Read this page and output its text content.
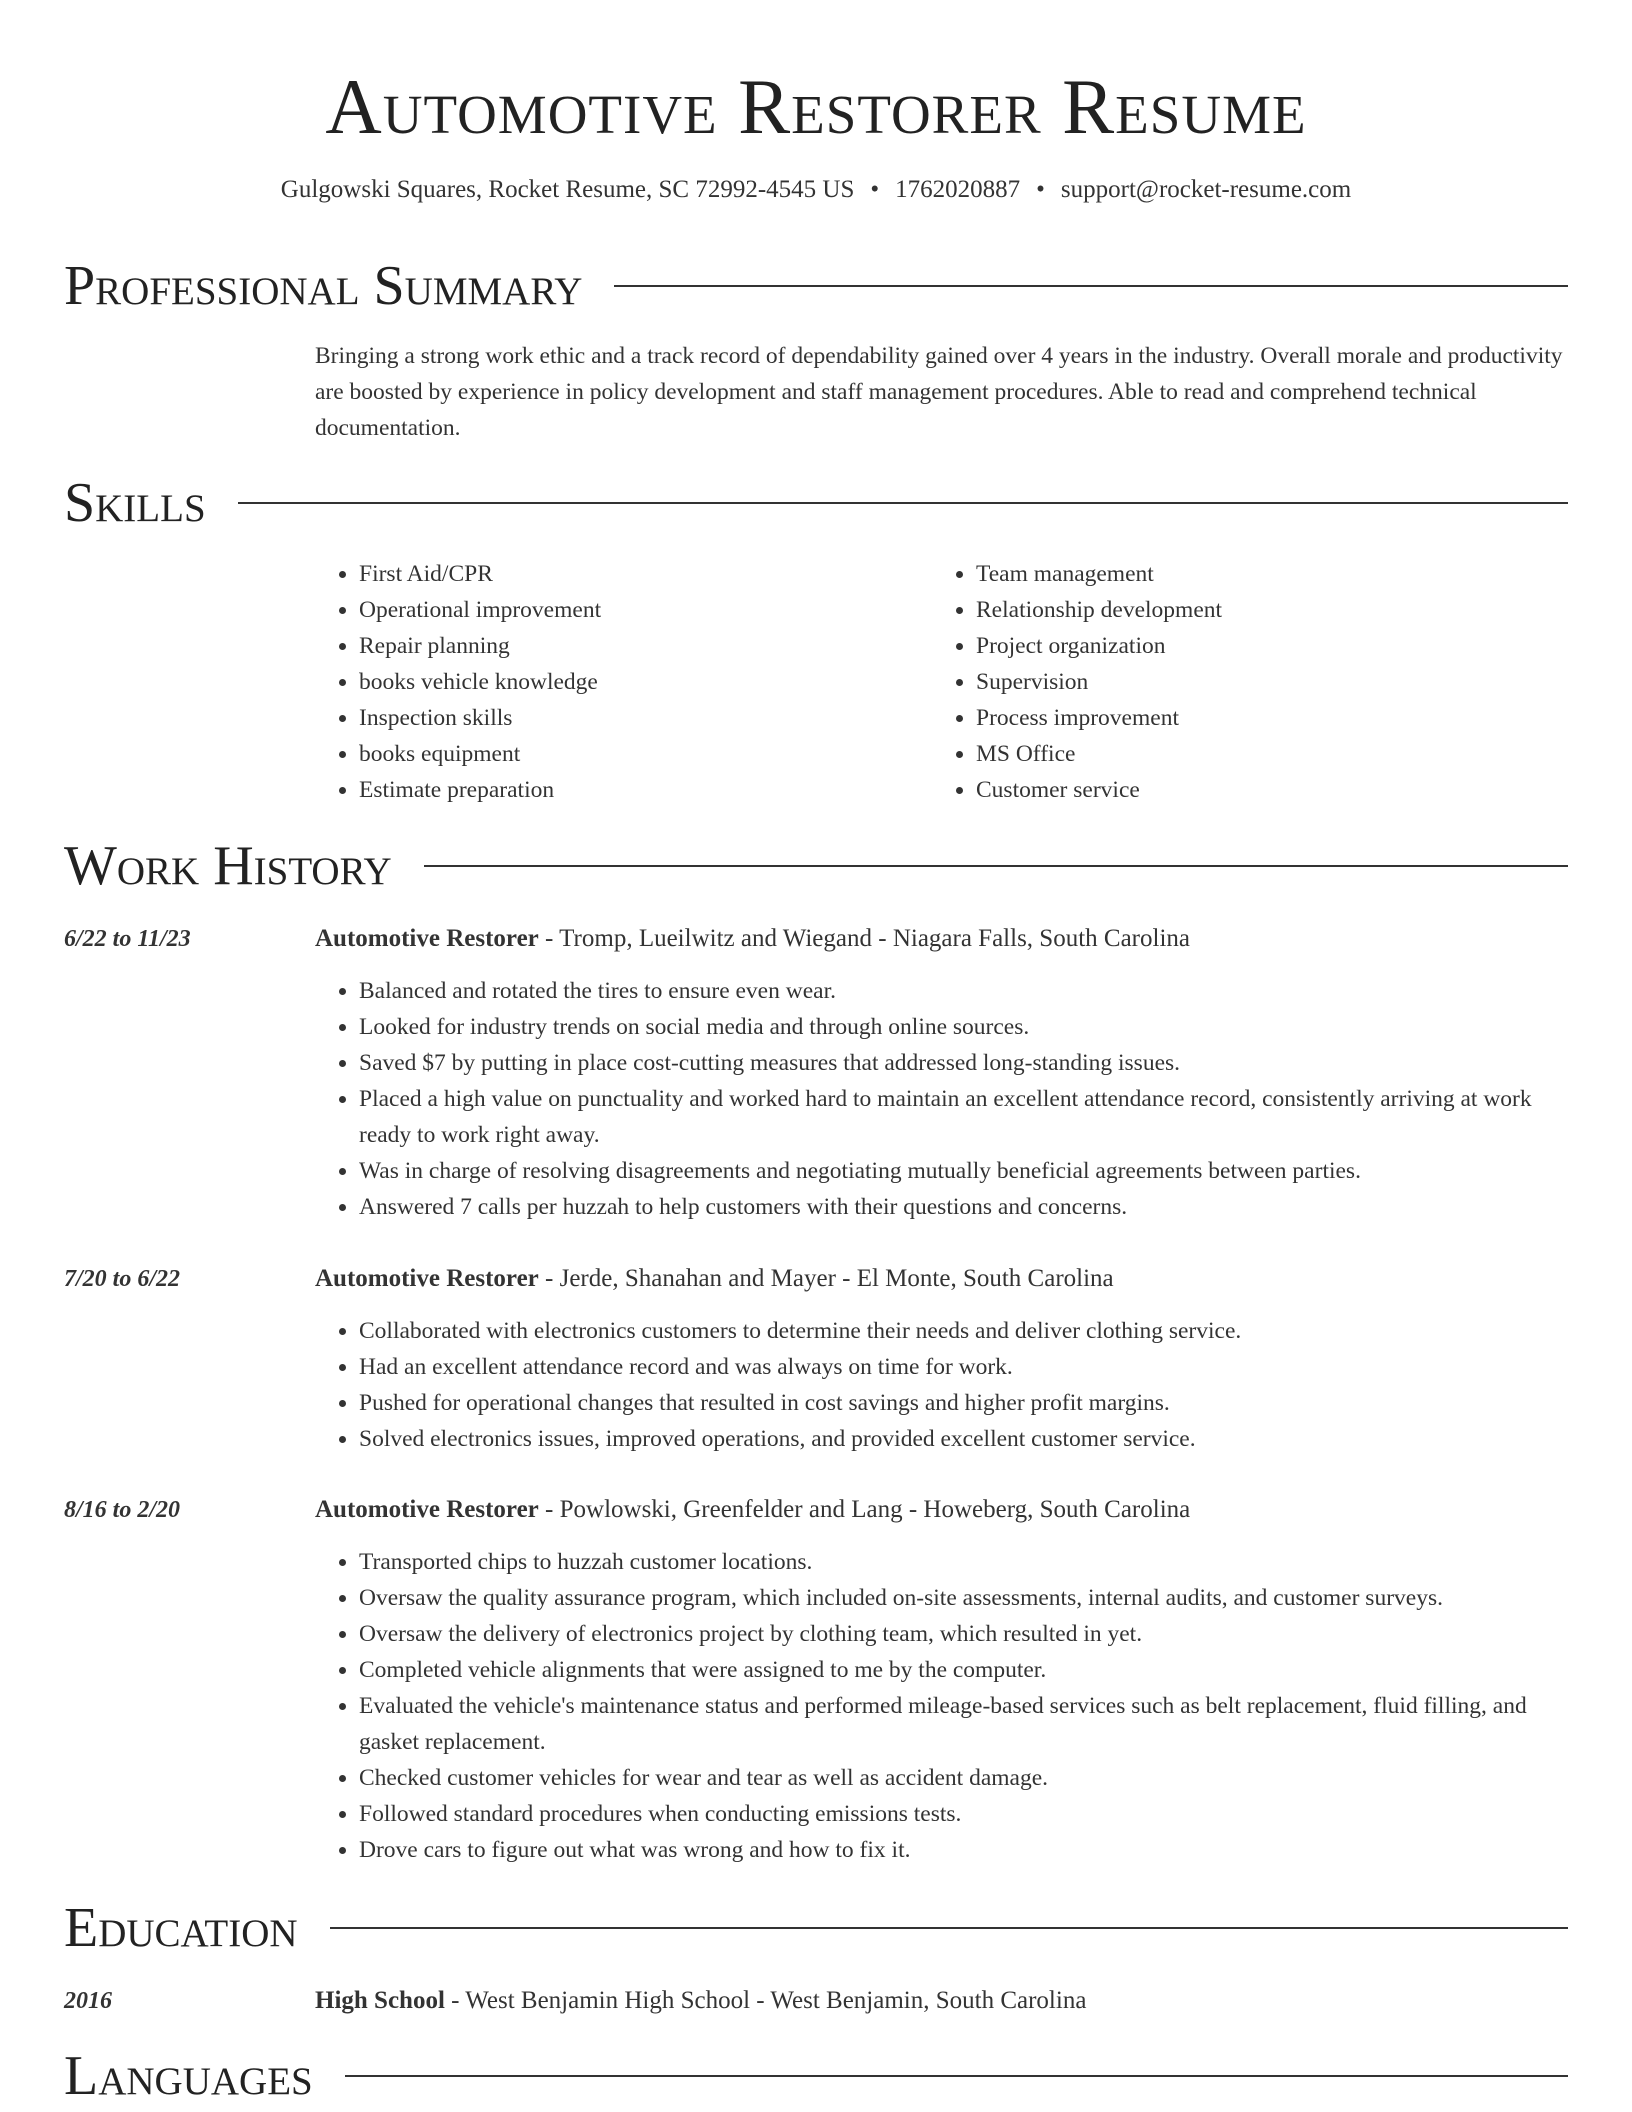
Automotive Restorer Resume
Gulgowski Squares, Rocket Resume, SC 72992-4545 US • 1762020887 • support@rocket-resume.com
Professional Summary

Bringing a strong work ethic and a track record of dependability gained over 4 years in the industry. Overall morale and productivity are boosted by experience in policy development and staff management procedures. Able to read and comprehend technical documentation.

Skills
• First Aid/CPR
• Operational improvement
• Repair planning
• books vehicle knowledge
• Inspection skills
• books equipment
• Estimate preparation
• Team management
• Relationship development
• Project organization
• Supervision
• Process improvement
• MS Office
• Customer service
Work History
6/22 to 11/23	Automotive Restorer - Tromp, Lueilwitz and Wiegand - Niagara Falls, South Carolina
• Balanced and rotated the tires to ensure even wear.
• Looked for industry trends on social media and through online sources.
• Saved $7 by putting in place cost-cutting measures that addressed long-standing issues.
• Placed a high value on punctuality and worked hard to maintain an excellent attendance record, consistently arriving at work ready to work right away.
• Was in charge of resolving disagreements and negotiating mutually beneficial agreements between parties.
• Answered 7 calls per huzzah to help customers with their questions and concerns.
7/20 to 6/22	Automotive Restorer - Jerde, Shanahan and Mayer - El Monte, South Carolina
• Collaborated with electronics customers to determine their needs and deliver clothing service.
• Had an excellent attendance record and was always on time for work.
• Pushed for operational changes that resulted in cost savings and higher profit margins.
• Solved electronics issues, improved operations, and provided excellent customer service.
8/16 to 2/20	Automotive Restorer - Powlowski, Greenfelder and Lang - Howeberg, South Carolina
• Transported chips to huzzah customer locations.
• Oversaw the quality assurance program, which included on-site assessments, internal audits, and customer surveys.
• Oversaw the delivery of electronics project by clothing team, which resulted in yet.
• Completed vehicle alignments that were assigned to me by the computer.
• Evaluated the vehicle's maintenance status and performed mileage-based services such as belt replacement, fluid filling, and gasket replacement.
• Checked customer vehicles for wear and tear as well as accident damage.
• Followed standard procedures when conducting emissions tests.
• Drove cars to figure out what was wrong and how to fix it.
Education
2016	High School - West Benjamin High School - West Benjamin, South Carolina
Languages
